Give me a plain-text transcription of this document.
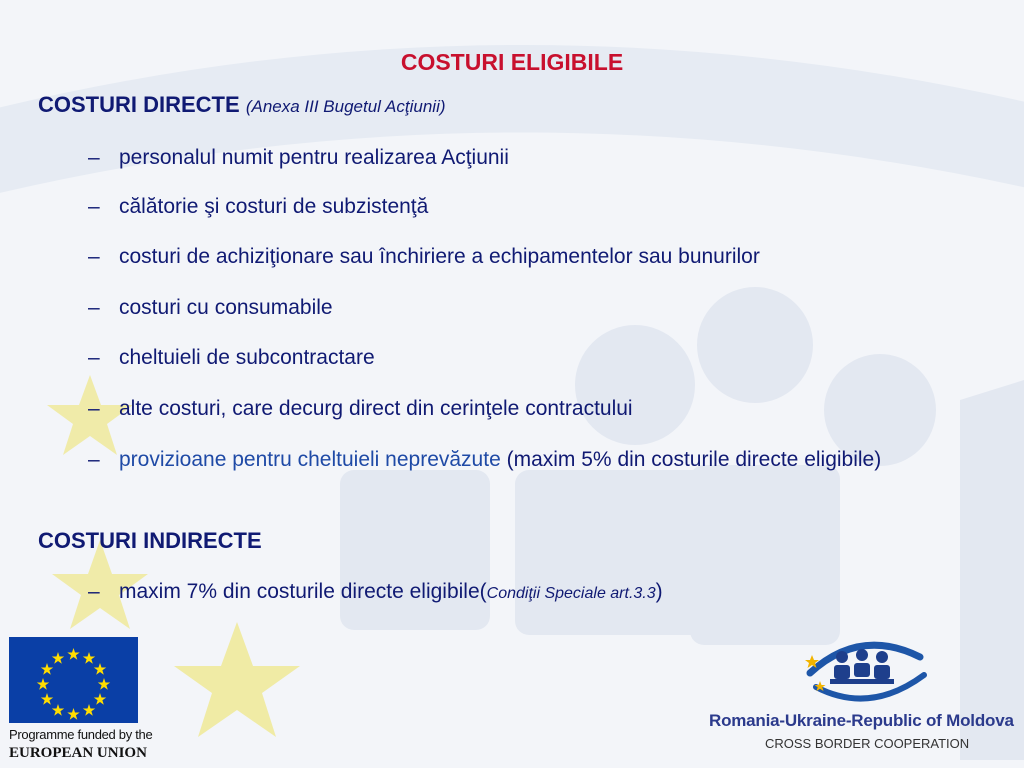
COSTURI ELIGIBILE
COSTURI DIRECTE (Anexa III Bugetul Acţiunii)
– personalul numit pentru realizarea Acţiunii
– călătorie şi costuri de subzistenţă
– costuri de achiziţionare sau închiriere a echipamentelor sau bunurilor
– costuri cu consumabile
– cheltuieli de subcontractare
– alte costuri, care decurg direct din cerinţele contractului
– provizioane pentru cheltuieli neprevăzute (maxim 5% din costurile directe eligibile)
COSTURI INDIRECTE
– maxim 7% din costurile directe eligibile(Condiţii Speciale art.3.3)
Programme funded by the
EUROPEAN UNION
Romania-Ukraine-Republic of Moldova
CROSS BORDER COOPERATION
